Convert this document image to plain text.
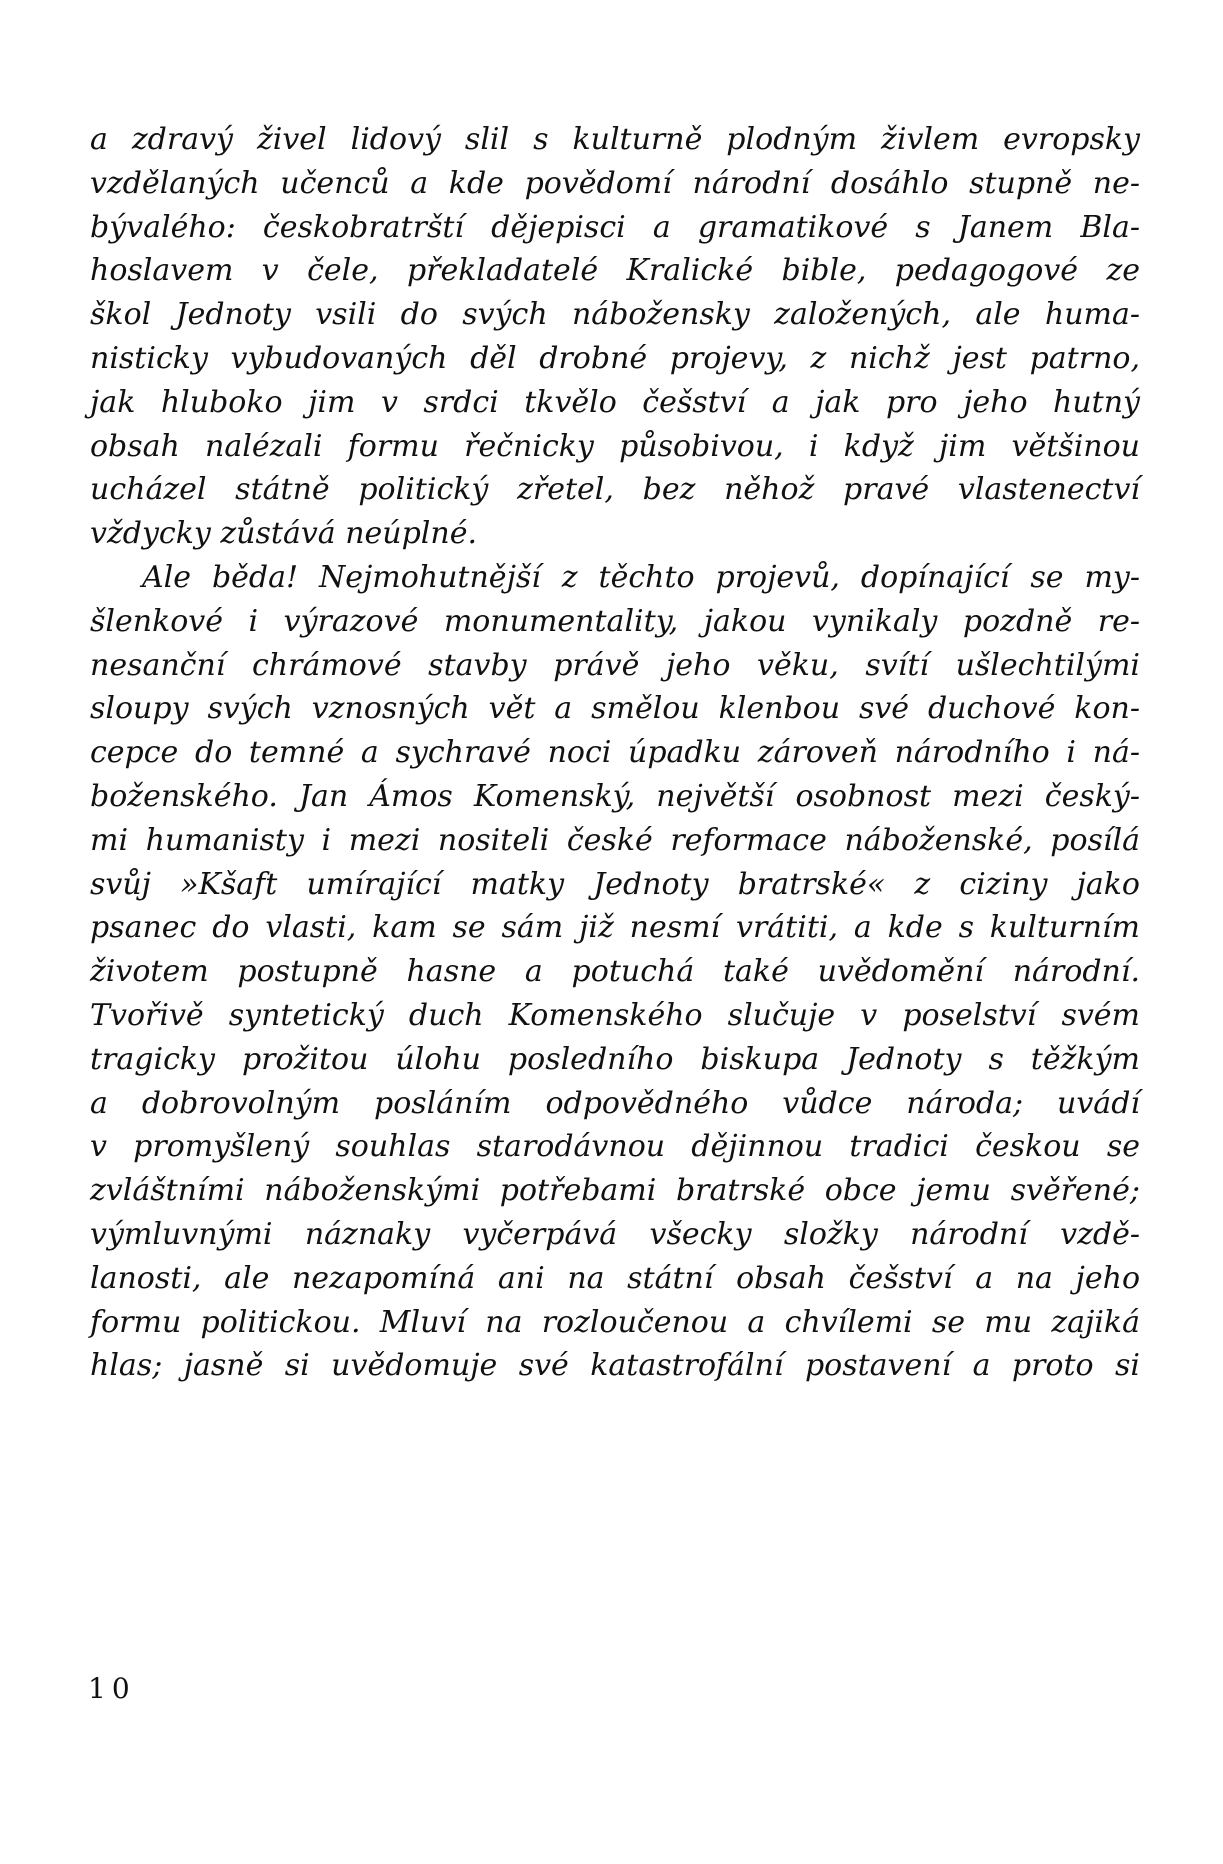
a zdravý živel lidový slil s kulturně plodným živlem evropsky
vzdělaných učenců a kde povědomí národní dosáhlo stupně ne-
bývalého: českobratrští dějepisci a gramatikové s Janem Bla-
hoslavem v čele, překladatelé Kralické bible, pedagogové ze
škol Jednoty vsili do svých nábožensky založených, ale huma-
nisticky vybudovaných děl drobné projevy, z nichž jest patrno,
jak hluboko jim v srdci tkvělo češství a jak pro jeho hutný
obsah nalézali formu řečnicky působivou, i když jim většinou
ucházel státně politický zřetel, bez něhož pravé vlastenectví
vždycky zůstává neúplné.
Ale běda! Nejmohutnější z těchto projevů, dopínající se my-
šlenkové i výrazové monumentality, jakou vynikaly pozdně re-
nesanční chrámové stavby právě jeho věku, svítí ušlechtilými
sloupy svých vznosných vět a smělou klenbou své duchové kon-
cepce do temné a sychravé noci úpadku zároveň národního i ná-
boženského. Jan Ámos Komenský, největší osobnost mezi český-
mi humanisty i mezi nositeli české reformace náboženské, posílá
svůj »Kšaft umírající matky Jednoty bratrské« z ciziny jako
psanec do vlasti, kam se sám již nesmí vrátiti, a kde s kulturním
životem postupně hasne a potuchá také uvědomění národní.
Tvořivě syntetický duch Komenského slučuje v poselství svém
tragicky prožitou úlohu posledního biskupa Jednoty s těžkým
a dobrovolným posláním odpovědného vůdce národa; uvádí
v promyšlený souhlas starodávnou dějinnou tradici českou se
zvláštními náboženskými potřebami bratrské obce jemu svěřené;
výmluvnými náznaky vyčerpává všecky složky národní vzdě-
lanosti, ale nezapomíná ani na státní obsah češství a na jeho
formu politickou. Mluví na rozloučenou a chvílemi se mu zajiká
hlas; jasně si uvědomuje své katastrofální postavení a proto si
10
